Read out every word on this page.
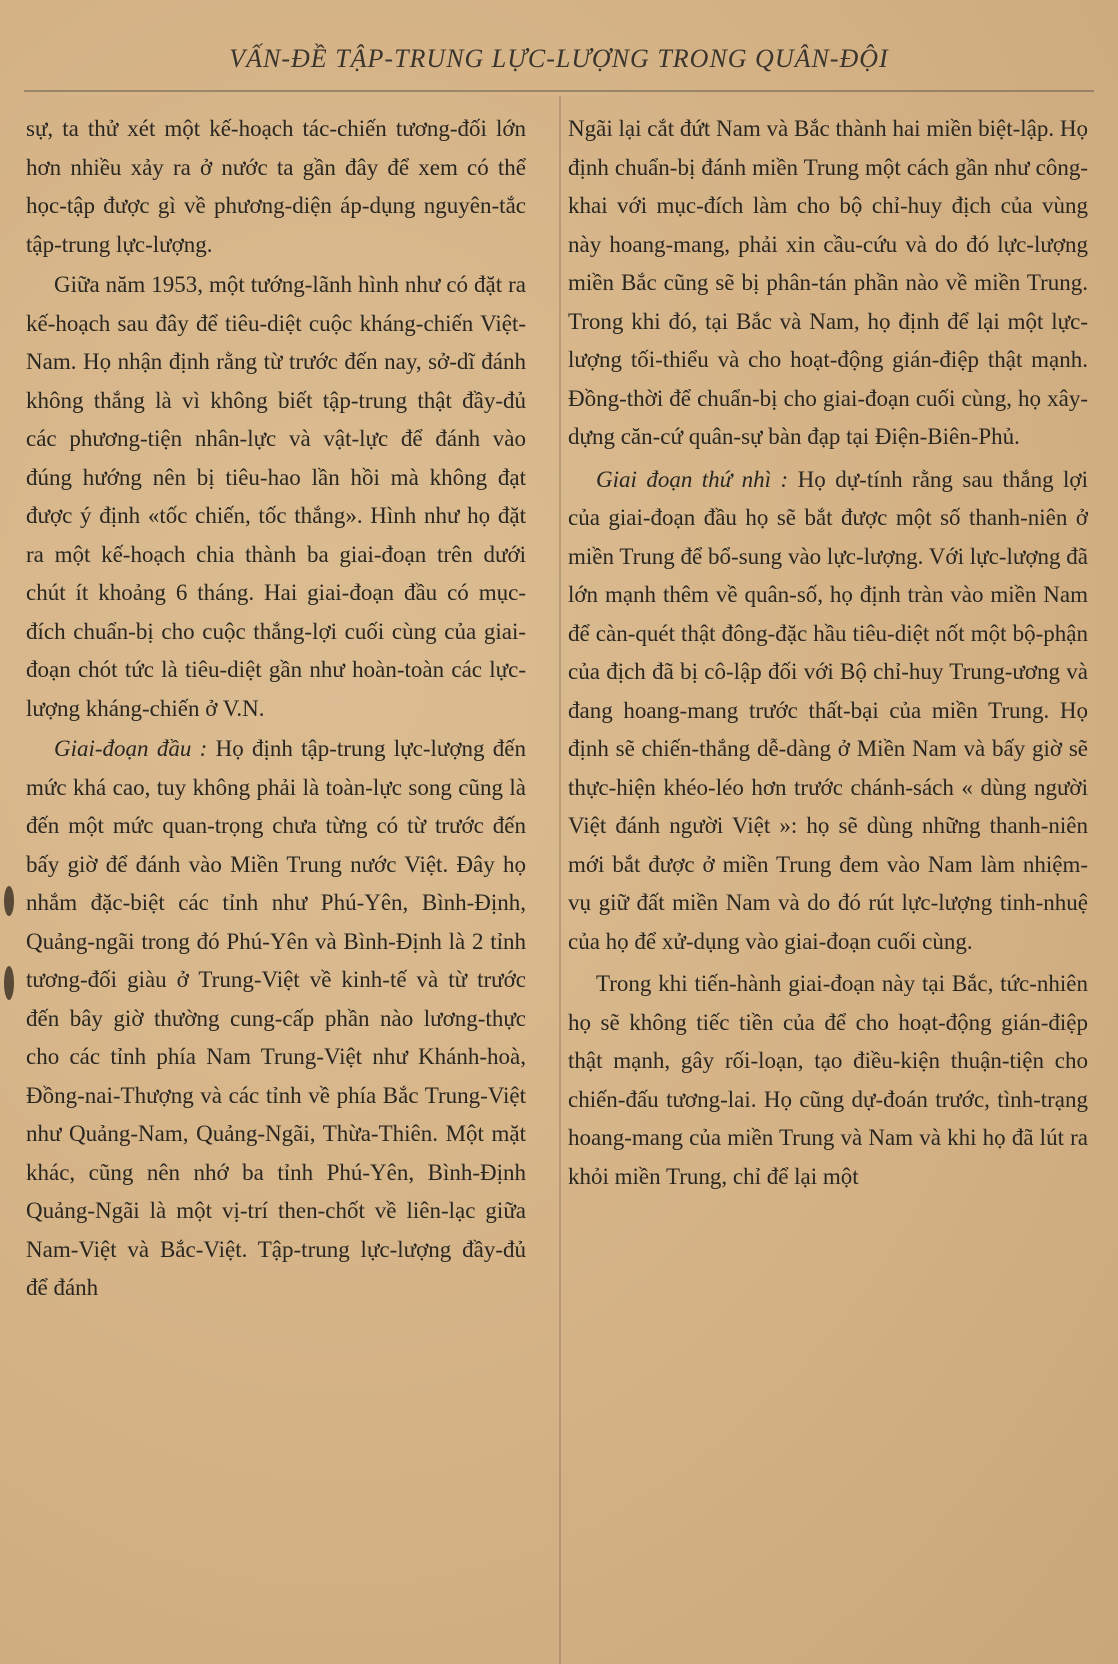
VẤN-ĐỀ TẬP-TRUNG LỰC-LƯỢNG TRONG QUÂN-ĐỘI

sự, ta thử xét một kế-hoạch tác-chiến tương-đối lớn hơn nhiều xảy ra ở nước ta gần đây để xem có thể học-tập được gì về phương-diện áp-dụng nguyên-tắc tập-trung lực-lượng.

Giữa năm 1953, một tướng-lãnh hình như có đặt ra kế-hoạch sau đây để tiêu-diệt cuộc kháng-chiến Việt-Nam. Họ nhận định rằng từ trước đến nay, sở-dĩ đánh không thắng là vì không biết tập-trung thật đầy-đủ các phương-tiện nhân-lực và vật-lực để đánh vào đúng hướng nên bị tiêu-hao lần hồi mà không đạt được ý định «tốc chiến, tốc thắng». Hình như họ đặt ra một kế-hoạch chia thành ba giai-đoạn trên dưới chút ít khoảng 6 tháng. Hai giai-đoạn đầu có mục-đích chuẩn-bị cho cuộc thắng-lợi cuối cùng của giai-đoạn chót tức là tiêu-diệt gần như hoàn-toàn các lực-lượng kháng-chiến ở V.N.

Giai-đoạn đầu : Họ định tập-trung lực-lượng đến mức khá cao, tuy không phải là toàn-lực song cũng là đến một mức quan-trọng chưa từng có từ trước đến bấy giờ để đánh vào Miền Trung nước Việt. Đây họ nhắm đặc-biệt các tỉnh như Phú-Yên, Bình-Định, Quảng-ngãi trong đó Phú-Yên và Bình-Định là 2 tỉnh tương-đối giàu ở Trung-Việt về kinh-tế và từ trước đến bây giờ thường cung-cấp phần nào lương-thực cho các tỉnh phía Nam Trung-Việt như Khánh-hoà, Đồng-nai-Thượng và các tỉnh về phía Bắc Trung-Việt như Quảng-Nam, Quảng-Ngãi, Thừa-Thiên. Một mặt khác, cũng nên nhớ ba tỉnh Phú-Yên, Bình-Định Quảng-Ngãi là một vị-trí then-chốt về liên-lạc giữa Nam-Việt và Bắc-Việt. Tập-trung lực-lượng đầy-đủ để đánh

Ngãi lại cắt đứt Nam và Bắc thành hai miền biệt-lập. Họ định chuẩn-bị đánh miền Trung một cách gần như công-khai với mục-đích làm cho bộ chỉ-huy địch của vùng này hoang-mang, phải xin cầu-cứu và do đó lực-lượng miền Bắc cũng sẽ bị phân-tán phần nào về miền Trung. Trong khi đó, tại Bắc và Nam, họ định để lại một lực-lượng tối-thiểu và cho hoạt-động gián-điệp thật mạnh. Đồng-thời để chuẩn-bị cho giai-đoạn cuối cùng, họ xây-dựng căn-cứ quân-sự bàn đạp tại Điện-Biên-Phủ.

Giai đoạn thứ nhì : Họ dự-tính rằng sau thắng lợi của giai-đoạn đầu họ sẽ bắt được một số thanh-niên ở miền Trung để bổ-sung vào lực-lượng. Với lực-lượng đã lớn mạnh thêm về quân-số, họ định tràn vào miền Nam để càn-quét thật đông-đặc hầu tiêu-diệt nốt một bộ-phận của địch đã bị cô-lập đối với Bộ chỉ-huy Trung-ương và đang hoang-mang trước thất-bại của miền Trung. Họ định sẽ chiến-thắng dễ-dàng ở Miền Nam và bấy giờ sẽ thực-hiện khéo-léo hơn trước chánh-sách « dùng người Việt đánh người Việt »: họ sẽ dùng những thanh-niên mới bắt được ở miền Trung đem vào Nam làm nhiệm-vụ giữ đất miền Nam và do đó rút lực-lượng tinh-nhuệ của họ để xử-dụng vào giai-đoạn cuối cùng.

Trong khi tiến-hành giai-đoạn này tại Bắc, tức-nhiên họ sẽ không tiếc tiền của để cho hoạt-động gián-điệp thật mạnh, gây rối-loạn, tạo điều-kiện thuận-tiện cho chiến-đấu tương-lai. Họ cũng dự-đoán trước, tình-trạng hoang-mang của miền Trung và Nam và khi họ đã lút ra khỏi miền Trung, chỉ để lại một
